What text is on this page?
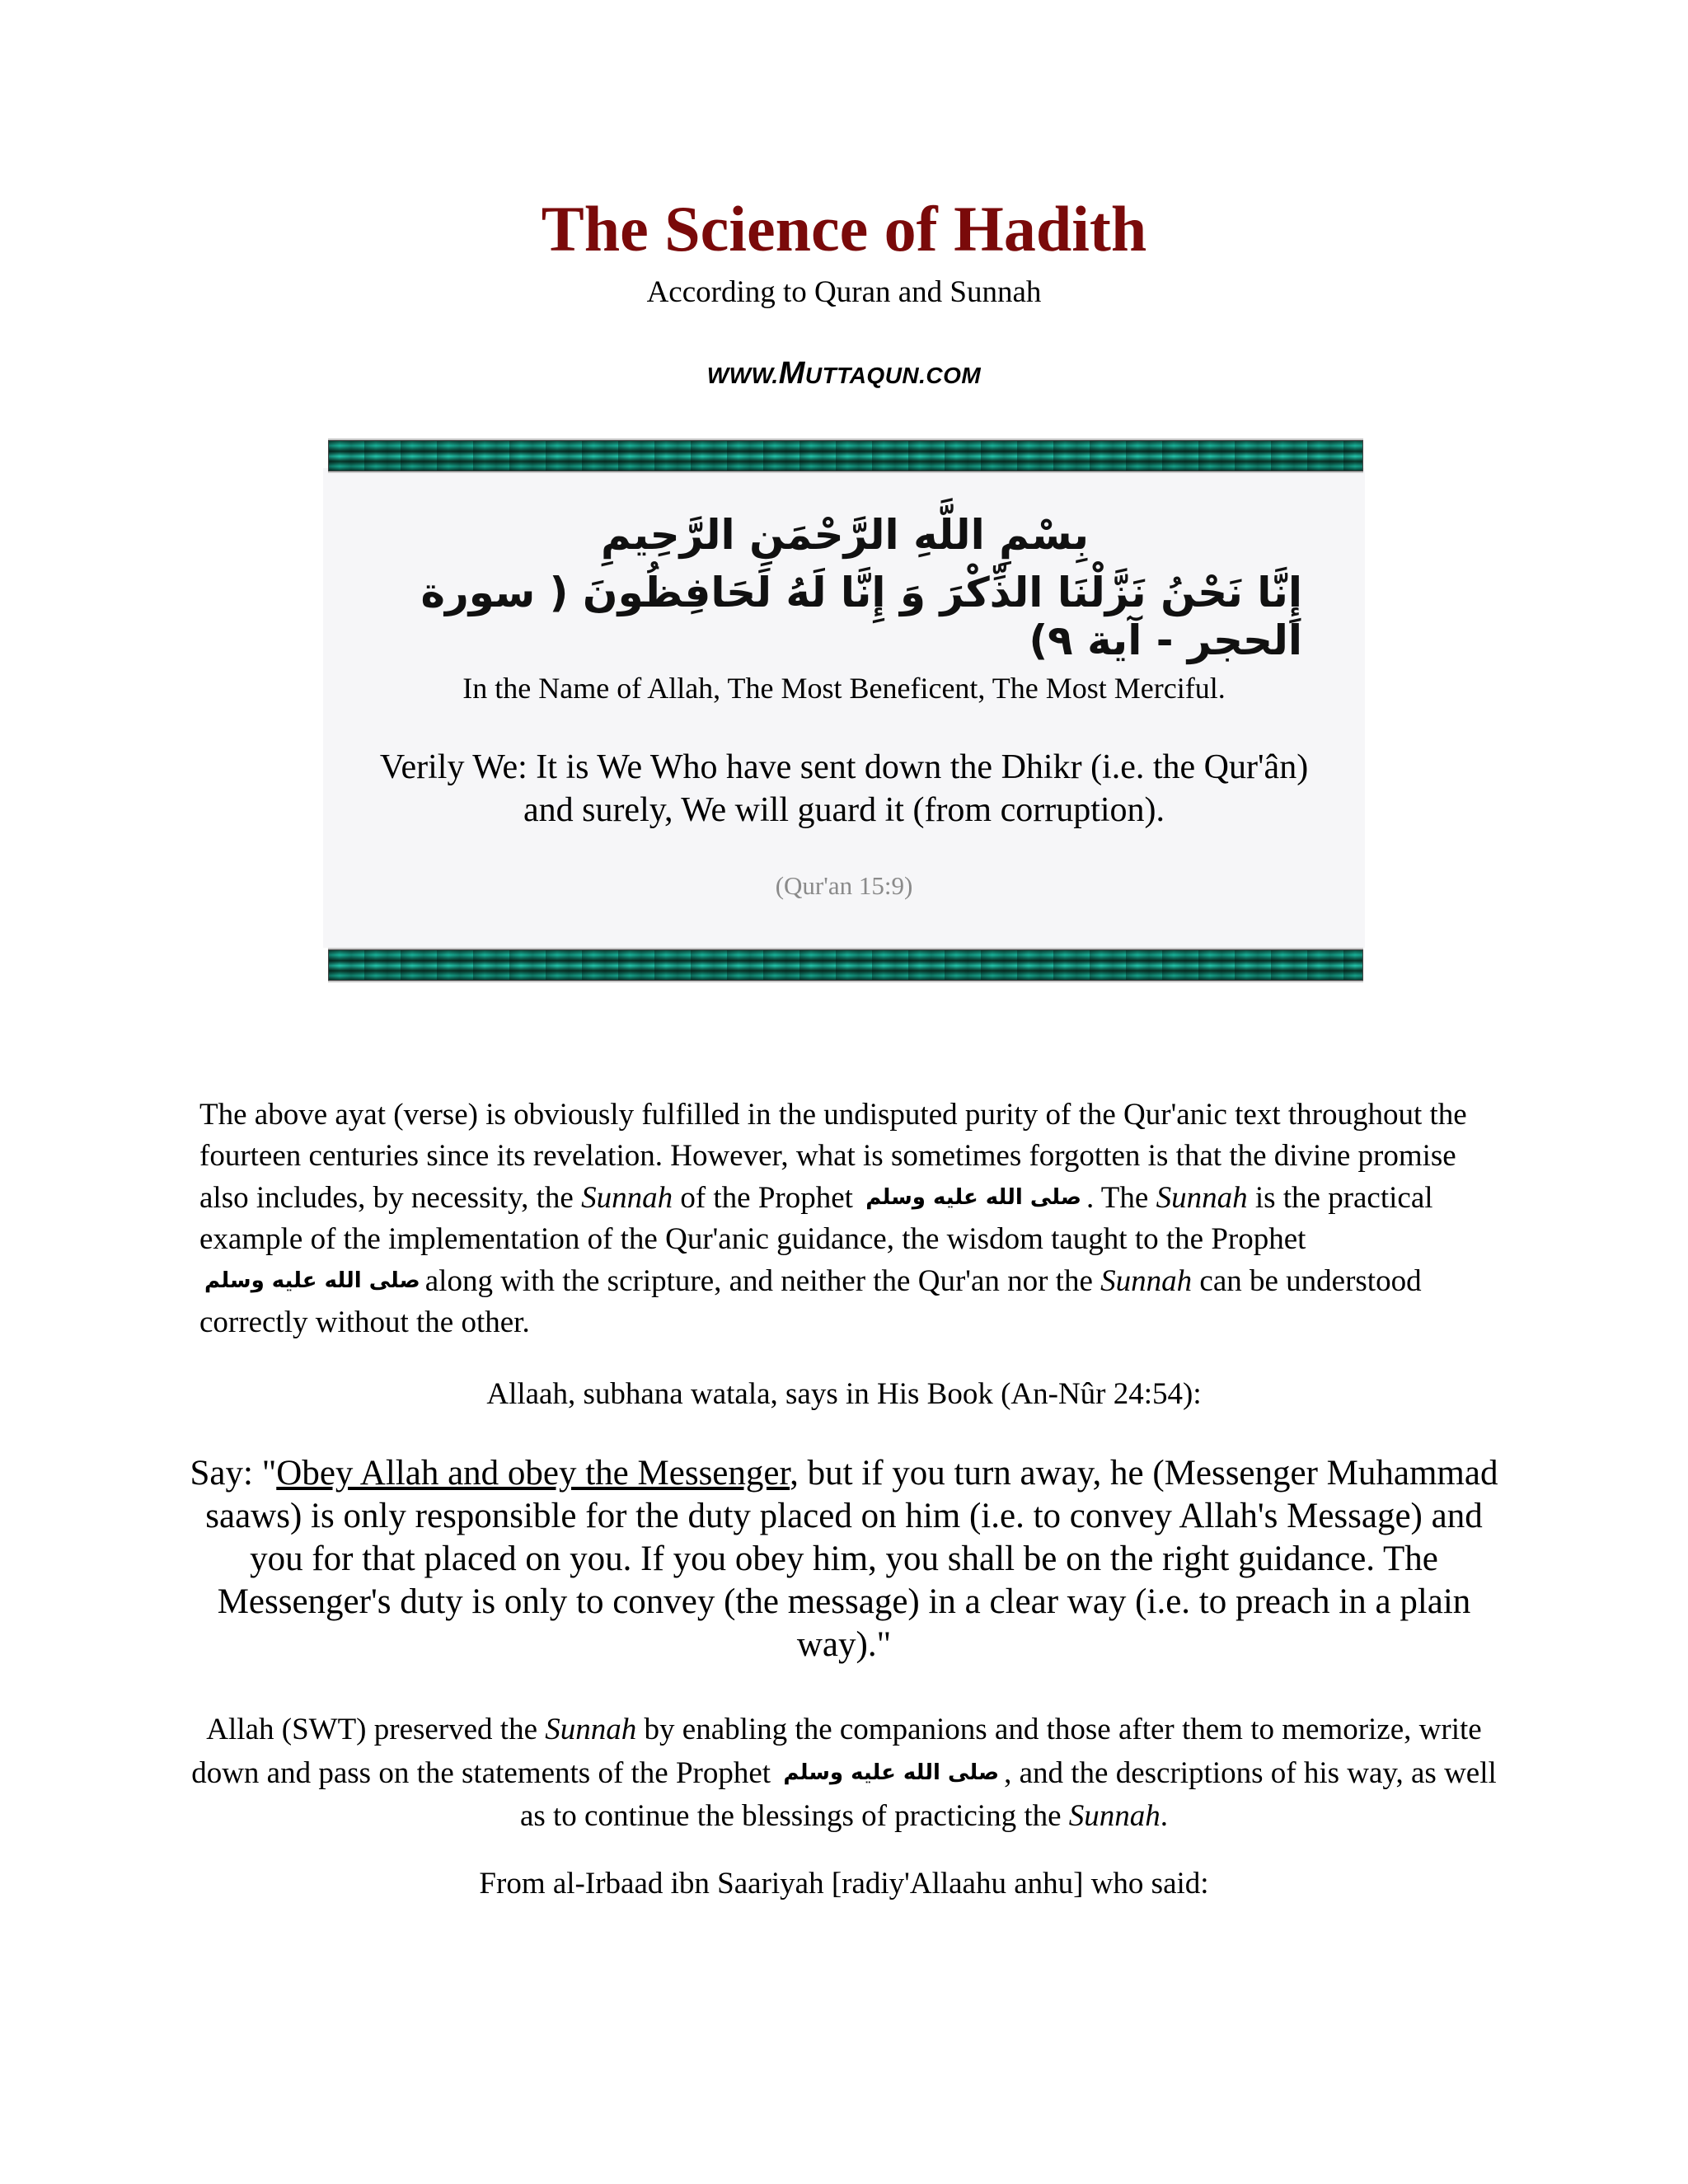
The Science of Hadith
According to Quran and Sunnah
WWW.MUTTAQUN.COM
بِسْمِ اللَّهِ الرَّحْمَنِ الرَّحِيمِ
إِنَّا نَحْنُ نَزَّلْنَا الذِّكْرَ وَ إِنَّا لَهُ لَحَافِظُونَ ( سورة الحجر - آية ٩)
In the Name of Allah, The Most Beneficent, The Most Merciful.
Verily We: It is We Who have sent down the Dhikr (i.e. the Qur'ân)
and surely, We will guard it (from corruption).
(Qur'an 15:9)

The above ayat (verse) is obviously fulfilled in the undisputed purity of the Qur'anic text throughout the fourteen centuries since its revelation. However, what is sometimes forgotten is that the divine promise also includes, by necessity, the Sunnah of the Prophet صلى الله عليه وسلم . The Sunnah is the practical example of the implementation of the Qur'anic guidance, the wisdom taught to the Prophet صلى الله عليه وسلم along with the scripture, and neither the Qur'an nor the Sunnah can be understood correctly without the other.

Allaah, subhana watala, says in His Book (An-Nûr 24:54):

Say: "Obey Allah and obey the Messenger, but if you turn away, he (Messenger Muhammad saaws) is only responsible for the duty placed on him (i.e. to convey Allah's Message) and you for that placed on you. If you obey him, you shall be on the right guidance. The Messenger's duty is only to convey (the message) in a clear way (i.e. to preach in a plain way)."

Allah (SWT) preserved the Sunnah by enabling the companions and those after them to memorize, write down and pass on the statements of the Prophet صلى الله عليه وسلم , and the descriptions of his way, as well as to continue the blessings of practicing the Sunnah.

From al-Irbaad ibn Saariyah [radiy'Allaahu anhu] who said:
